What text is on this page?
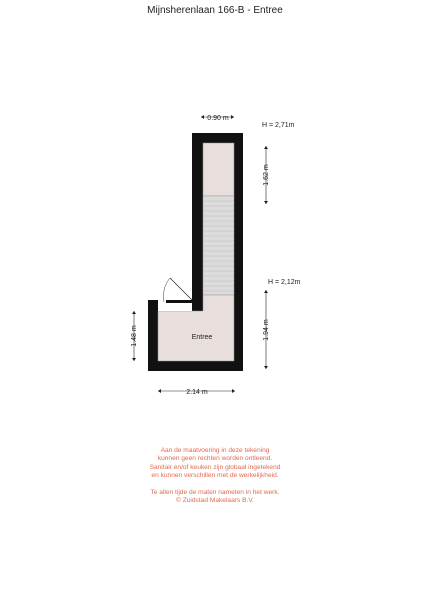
Mijnsherenlaan 166-B - Entree
Entree
0.90 m
H = 2,71m
H = 2,12m
1.62 m
1.94 m
1.48 m
2.14 m
Aan de maatvoering in deze tekening
kunnen geen rechten worden ontleend.
Sanitair en/of keuken zijn globaal ingetekend
en kunnen verschillen met de werkelijkheid.
Te allen tijde de maten nameten in het werk.
© Zuidstad Makelaars B.V.
